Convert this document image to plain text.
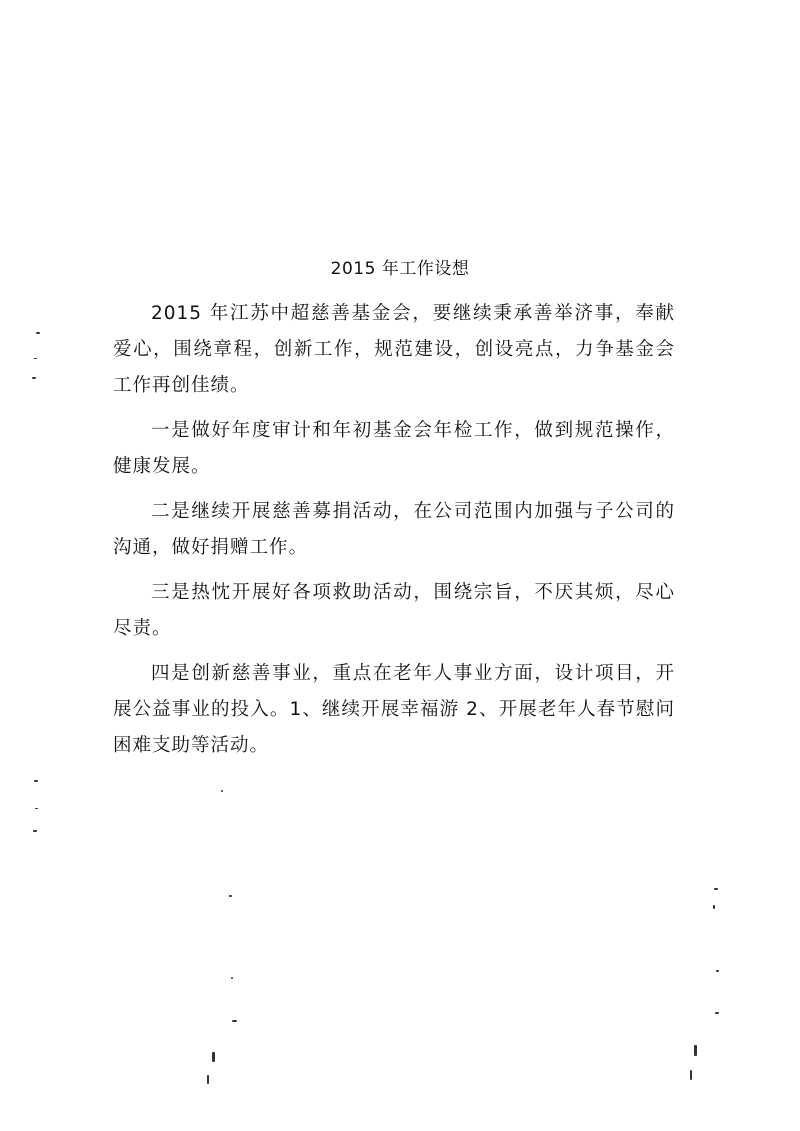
2015 年工作设想

2015 年江苏中超慈善基金会，要继续秉承善举济事，奉献爱心，围绕章程，创新工作，规范建设，创设亮点，力争基金会工作再创佳绩。

一是做好年度审计和年初基金会年检工作，做到规范操作，健康发展。

二是继续开展慈善募捐活动，在公司范围内加强与子公司的沟通，做好捐赠工作。

三是热忱开展好各项救助活动，围绕宗旨，不厌其烦，尽心尽责。

四是创新慈善事业，重点在老年人事业方面，设计项目，开展公益事业的投入。1、继续开展幸福游 2、开展老年人春节慰问困难支助等活动。
